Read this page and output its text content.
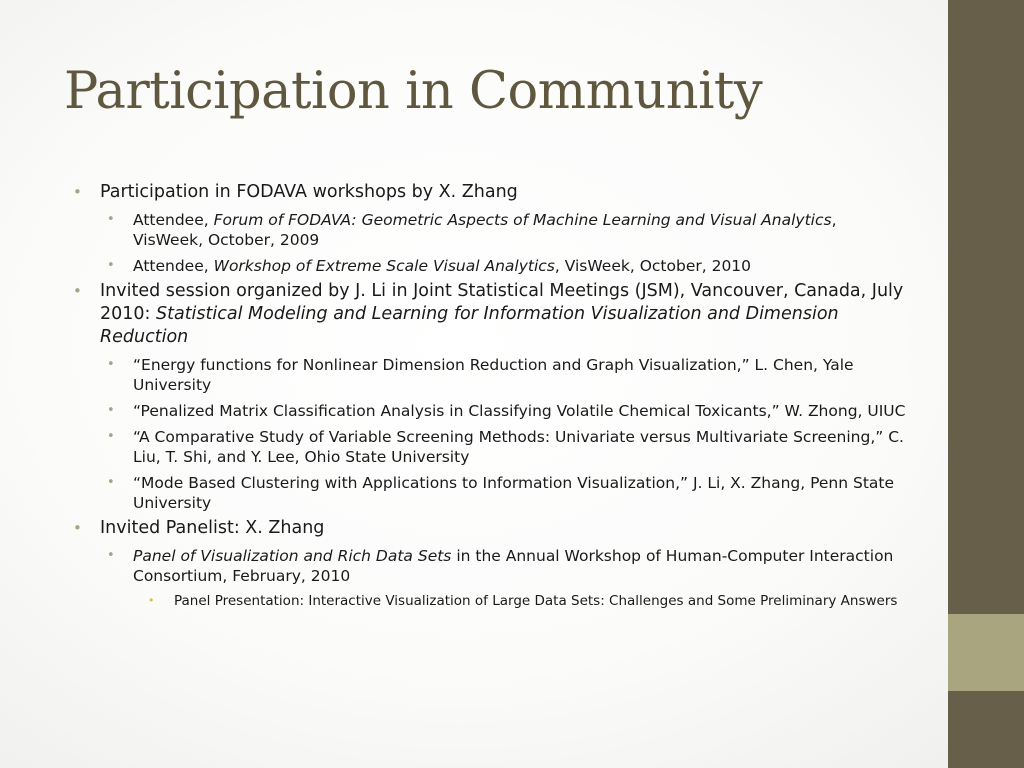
Participation in Community
• Participation in FODAVA workshops by X. Zhang
• Attendee, Forum of FODAVA: Geometric Aspects of Machine Learning and Visual Analytics, VisWeek, October, 2009
• Attendee, Workshop of Extreme Scale Visual Analytics, VisWeek, October, 2010
• Invited session organized by J. Li in Joint Statistical Meetings (JSM), Vancouver, Canada, July 2010: Statistical Modeling and Learning for Information Visualization and Dimension Reduction
• “Energy functions for Nonlinear Dimension Reduction and Graph Visualization,” L. Chen, Yale University
• “Penalized Matrix Classification Analysis in Classifying Volatile Chemical Toxicants,” W. Zhong, UIUC
• “A Comparative Study of Variable Screening Methods: Univariate versus Multivariate Screening,” C. Liu, T. Shi, and Y. Lee, Ohio State University
• “Mode Based Clustering with Applications to Information Visualization,” J. Li, X. Zhang, Penn State University
• Invited Panelist: X. Zhang
• Panel of Visualization and Rich Data Sets in the Annual Workshop of Human-Computer Interaction Consortium, February, 2010
• Panel Presentation: Interactive Visualization of Large Data Sets: Challenges and Some Preliminary Answers
